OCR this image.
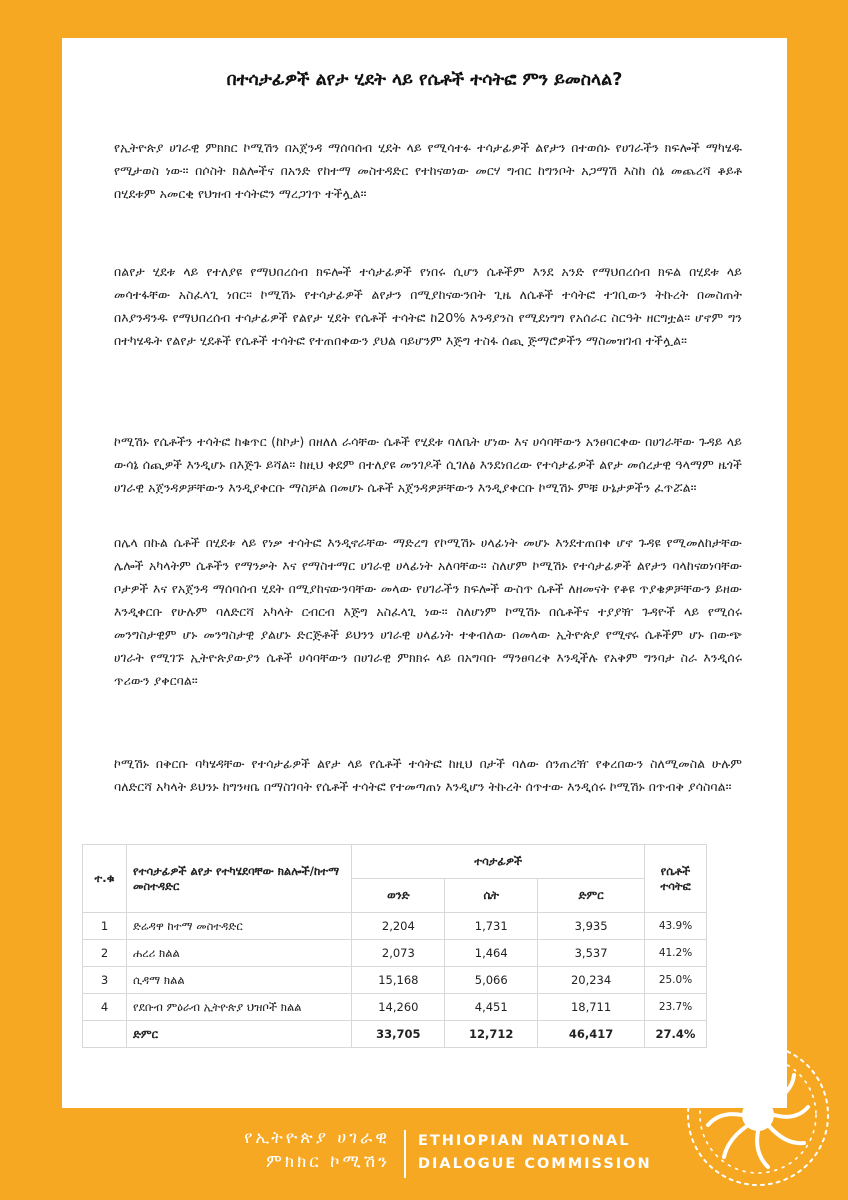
በተሳታፊዎች ልየታ ሂደት ላይ የሴቶች ተሳትፎ ምን ይመስላል?

የኢትዮጵያ ሀገራዊ ምክክር ኮሚሽን በአጀንዳ ማሰባሰብ ሂደት ላይ የሚሳተፉ ተሳታፊዎች ልየታን በተወሰኑ የሀገራችን ክፍሎች ማካሄዱ የሚታወስ ነው። በሶስት ክልሎችና በአንድ የከተማ መስተዳድር የተከናወነው መርሃ ግብር ከግንቦት አጋማሽ እስከ ሰኔ መጨረሻ ቆይቶ በሂደቱም አመርቂ የህዝብ ተሳትፎን ማረጋገጥ ተችሏል።

በልየታ ሂደቱ ላይ የተለያዩ የማህበረሰብ ክፍሎች ተሳታፊዎች የነበሩ ሲሆን ሴቶችም እንደ አንድ የማህበረሰብ ክፍል በሂደቱ ላይ መሳተፋቸው አስፈላጊ ነበር። ኮሚሽኑ የተሳታፊዎች ልየታን በሚያከናውንበት ጊዜ ለሴቶች ተሳትፎ ተገቢውን ትኩረት በመስጠት በእያንዳንዱ የማህበረሰብ ተሳታፊዎች የልየታ ሂደት የሴቶች ተሳትፎ ከ20% እንዳያንስ የሚደነግግ የአሰራር ስርዓት ዘርግቷል። ሆኖም ግን በተካሄዱት የልየታ ሂደቶች የሴቶች ተሳትፎ የተጠበቀውን ያህል ባይሆንም እጅግ ተስፋ ሰጪ ጅማሮዎችን ማስመዝገብ ተችሏል።

ኮሚሽኑ የሴቶችን ተሳትፎ ከቁጥር (ከኮታ) በዘለለ ራሳቸው ሴቶች የሂደቱ ባለቤት ሆነው እና ሀሳባቸውን አንፀባርቀው በሀገራቸው ጉዳይ ላይ ውሳኔ ሰጪዎች እንዲሆኑ በእጅጉ ይሻል። ከዚህ ቀደም በተለያዩ መንገዶች ሲገለፅ እንደነበረው የተሳታፊዎች ልየታ መሰረታዊ ዓላማም ዜጎች ሀገራዊ አጀንዳዎቻቸውን እንዲያቀርቡ ማስቻል በመሆኑ ሴቶች አጀንዳዎቻቸውን እንዲያቀርቡ ኮሚሽኑ ምቹ ሁኔታዎችን ፈጥሯል።

በሌላ በኩል ሴቶች በሂደቱ ላይ የነቃ ተሳትፎ እንዲኖራቸው ማድረግ የኮሚሽኑ ሀላፊነት መሆኑ እንደተጠበቀ ሆኖ ጉዳዩ የሚመለከታቸው ሌሎች አካላትም ሴቶችን የማንቃት እና የማስተማር ሀገራዊ ሀላፊነት አለባቸው። ስለሆም ኮሚሽኑ የተሳታፊዎች ልየታን ባላከናወነባቸው ቦታዎች እና የአጀንዳ ማሰባሰብ ሂደት በሚያከናውንባቸው መላው የሀገራችን ክፍሎች ውስጥ ሴቶች ለዘመናት የቆዩ ጥያቄዎቻቸውን ይዘው እንዲቀርቡ የሁሉም ባለድርሻ አካላት ርብርብ እጅግ አስፈላጊ ነው። ስለሆነም ኮሚሽኑ በሴቶችና ተያያዥ ጉዳዮች ላይ የሚሰሩ መንግስታዊም ሆኑ መንግስታዊ ያልሆኑ ድርጅቶች ይህንን ሀገራዊ ሀላፊነት ተቀብለው በመላው ኢትዮጵያ የሚኖሩ ሴቶችም ሆኑ በውጭ ሀገራት የሚገኙ ኢትዮጵያውያን ሴቶች ሀሳባቸውን በሀገራዊ ምክክሩ ላይ በአግባቡ ማንፀባረቅ እንዲችሉ የአቅም ግንባታ ስራ እንዲሰሩ ጥሪውን ያቀርባል።

ኮሚሽኑ በቅርቡ ባካሄዳቸው የተሳታፊዎች ልየታ ላይ የሴቶች ተሳትፎ ከዚህ በታች ባለው ሰንጠረዥ የቀረበውን ስለሚመስል ሁሉም ባለድርሻ አካላት ይህንኑ ከግንዛቤ በማስገባት የሴቶች ተሳትፎ የተመጣጠነ እንዲሆን ትኩረት ሰጥተው እንዲሰሩ ኮሚሽኑ በጥብቅ ያሳስባል።

ተ.ቁ	የተሳታፊዎች ልየታ የተካሄደባቸው ክልሎች/ከተማ መስተዳድር	ተሳታፊዎች			የሴቶች ተሳትፎ
		ወንድ	ሴት	ድምር	
1	ድሬዳዋ ከተማ መስተዳድር	2,204	1,731	3,935	43.9%
2	ሐረሪ ክልል	2,073	1,464	3,537	41.2%
3	ሲዳማ ክልል	15,168	5,066	20,234	25.0%
4	የደቡብ ምዕራብ ኢትዮጵያ ህዝቦች ክልል	14,260	4,451	18,711	23.7%
	ድምር	33,705	12,712	46,417	27.4%
የኢትዮጵያ ሀገራዊ
ምክክር ኮሚሽን
ETHIOPIAN NATIONAL
DIALOGUE COMMISSION
